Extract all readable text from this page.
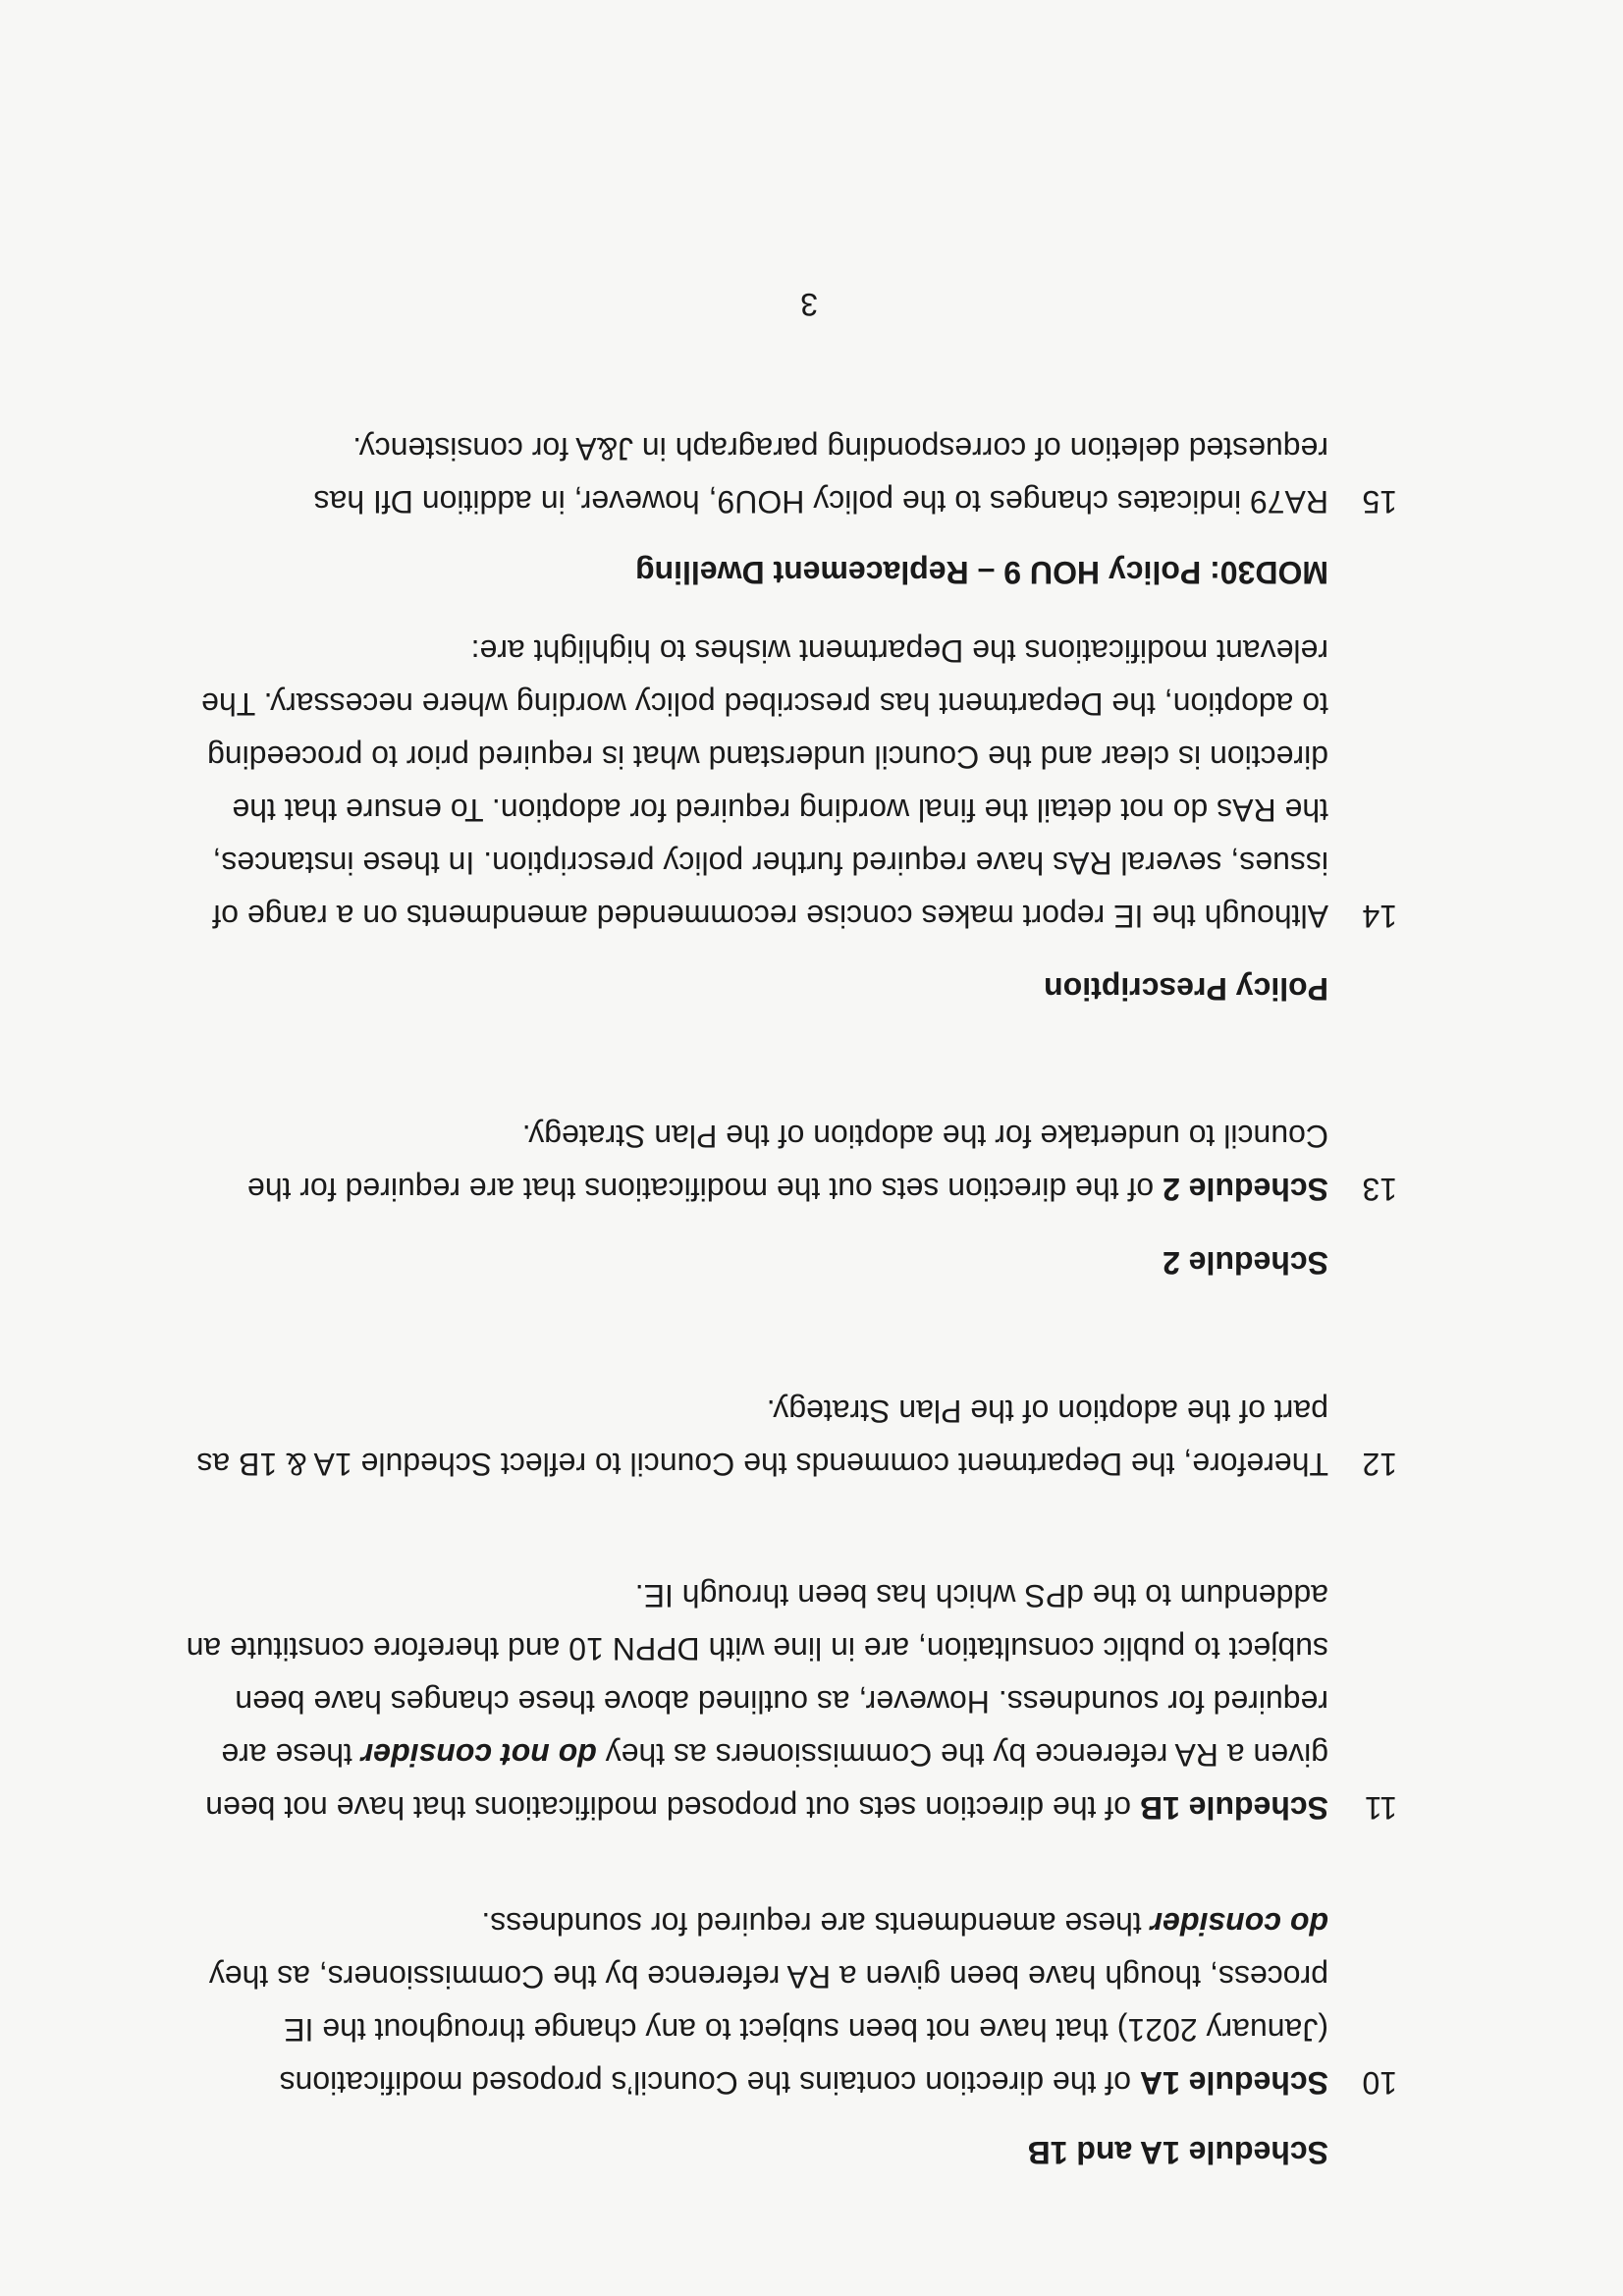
Schedule 1A and 1B
10
Schedule 1A of the direction contains the Council’s proposed modifications
(January 2021) that have not been subject to any change throughout the IE
process, though have been given a RA reference by the Commissioners, as they
do consider these amendments are required for soundness.
11
Schedule 1B of the direction sets out proposed modifications that have not been
given a RA reference by the Commissioners as they do not consider these are
required for soundness. However, as outlined above these changes have been
subject to public consultation, are in line with DPPN 10 and therefore constitute an
addendum to the dPS which has been through IE.
12
Therefore, the Department commends the Council to reflect Schedule 1A & 1B as
part of the adoption of the Plan Strategy.
Schedule 2
13
Schedule 2 of the direction sets out the modifications that are required for the
Council to undertake for the adoption of the Plan Strategy.
Policy Prescription
14
Although the IE report makes concise recommended amendments on a range of
issues, several RAs have required further policy prescription. In these instances,
the RAs do not detail the final wording required for adoption. To ensure that the
direction is clear and the Council understand what is required prior to proceeding
to adoption, the Department has prescribed policy wording where necessary. The
relevant modifications the Department wishes to highlight are:
MOD30: Policy HOU 9 – Replacement Dwelling
15
RA79 indicates changes to the policy HOU9, however, in addition DfI has
requested deletion of corresponding paragraph in J&A for consistency.
3
